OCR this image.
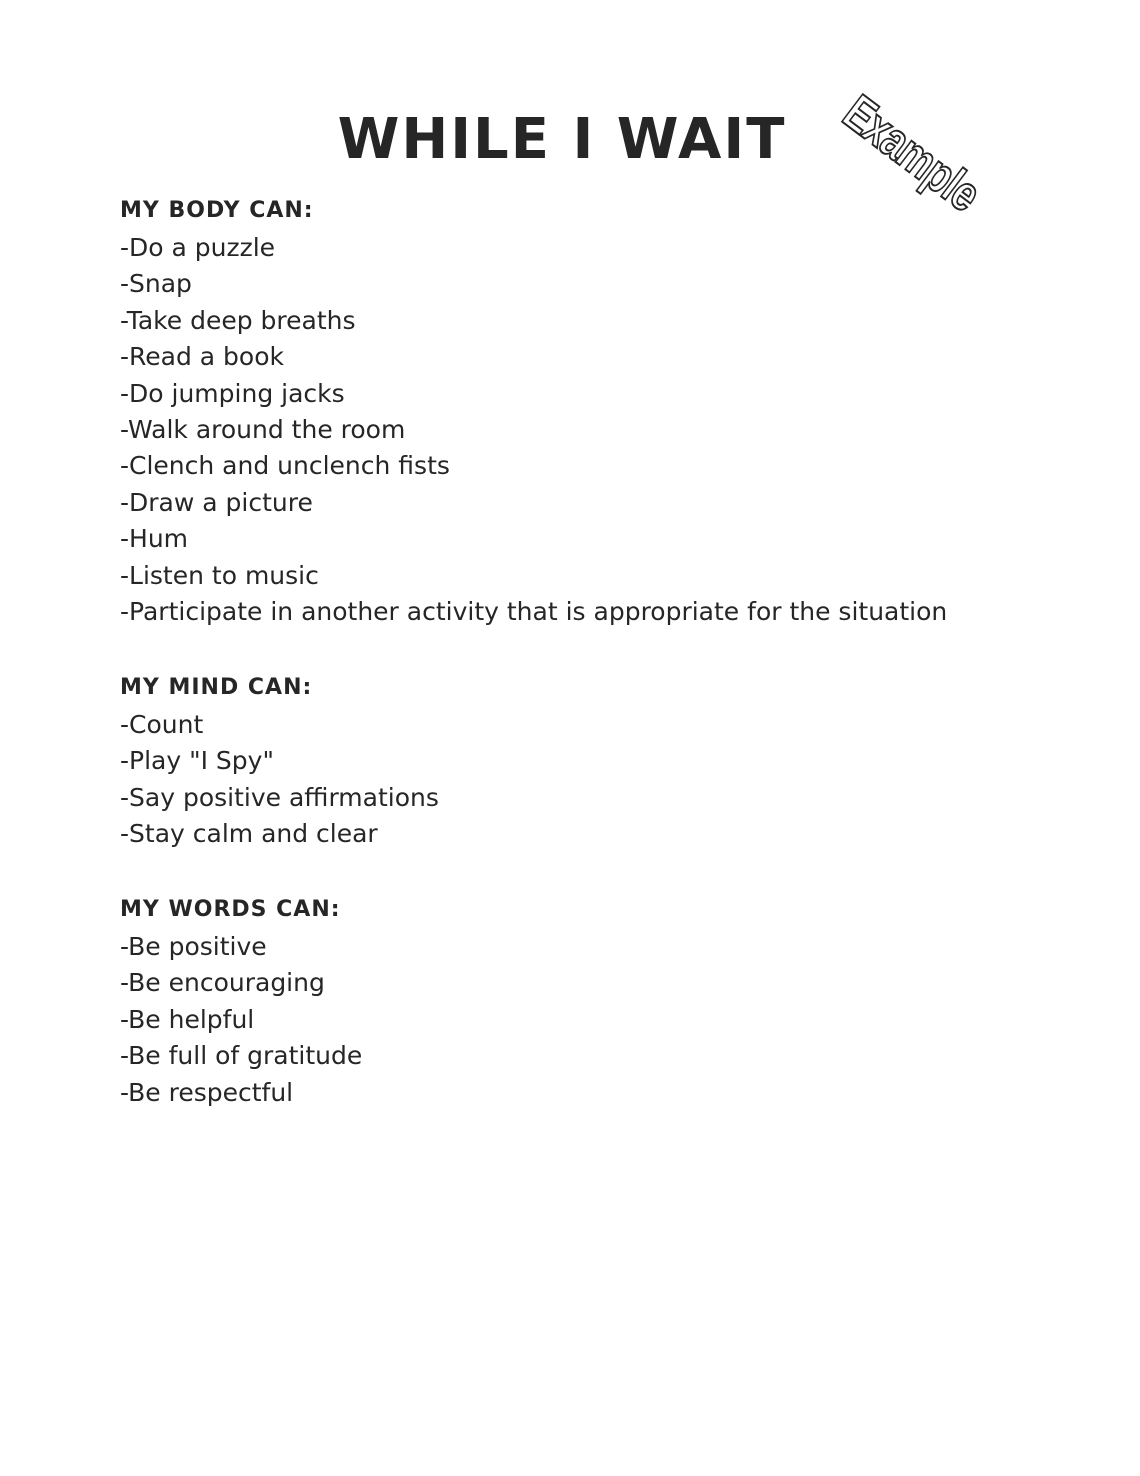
WHILE I WAIT Example
MY BODY CAN:
-Do a puzzle
-Snap
-Take deep breaths
-Read a book
-Do jumping jacks
-Walk around the room
-Clench and unclench fists
-Draw a picture
-Hum
-Listen to music
-Participate in another activity that is appropriate for the situation
MY MIND CAN:
-Count
-Play "I Spy"
-Say positive affirmations
-Stay calm and clear
MY WORDS CAN:
-Be positive
-Be encouraging
-Be helpful
-Be full of gratitude
-Be respectful
